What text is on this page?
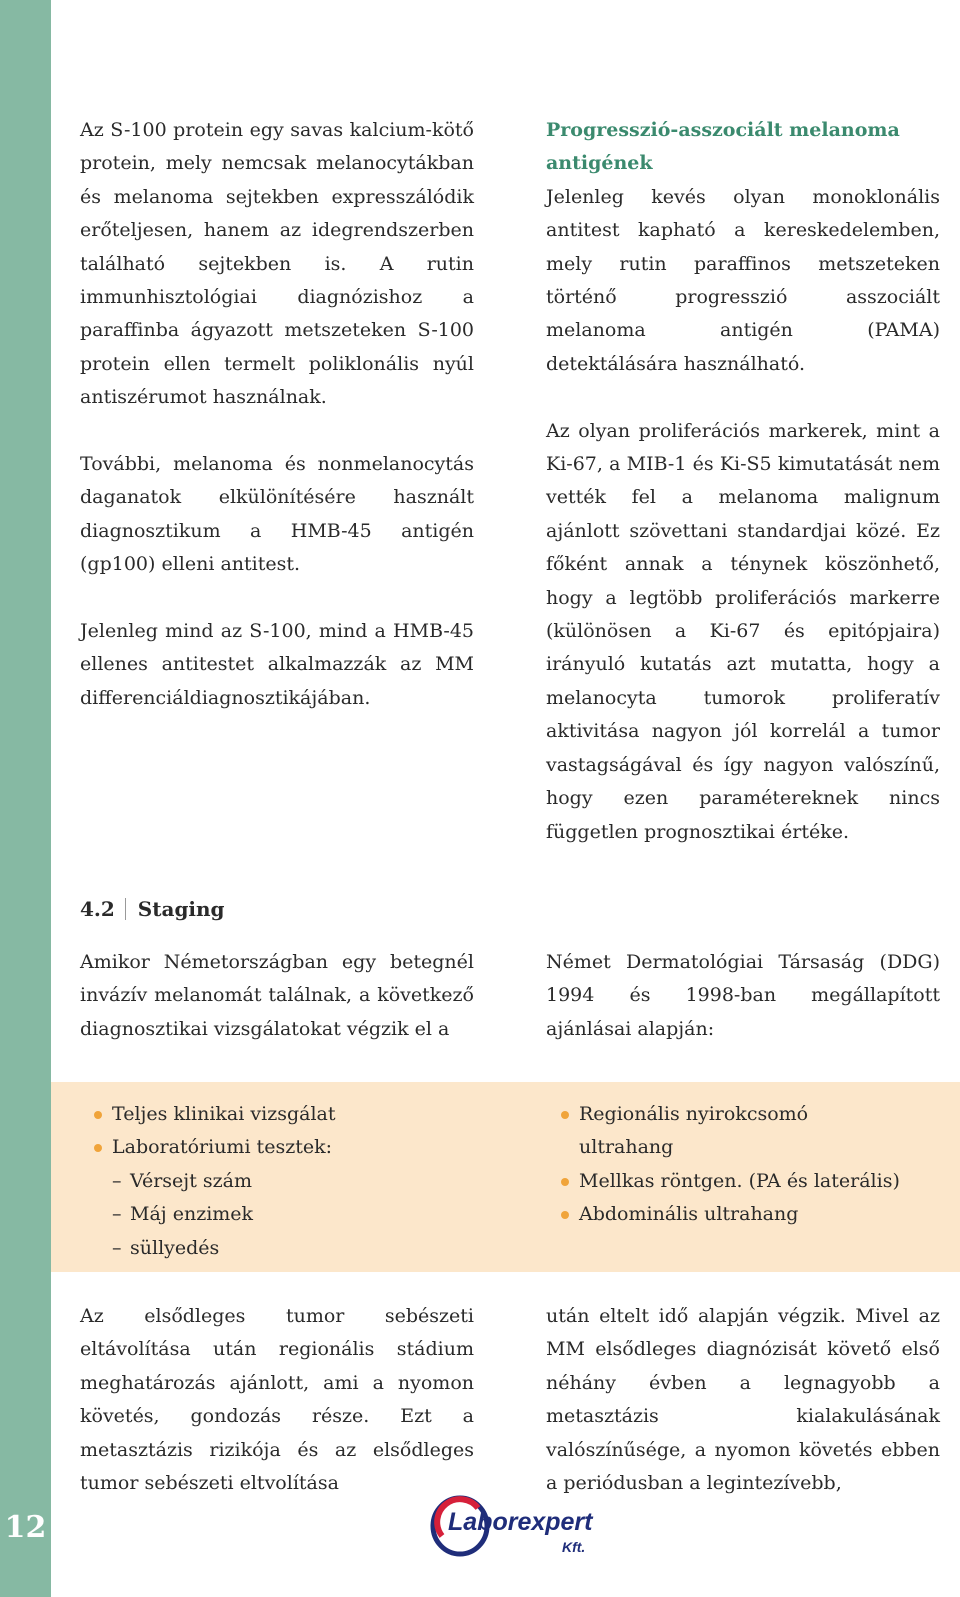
12

Az S-100 protein egy savas kalcium-kötő protein, mely nemcsak melanocytákban és melanoma sejtekben expresszálódik erőteljesen, hanem az idegrendszerben található sejtekben is. A rutin immunhisztológiai diagnózishoz a paraffinba ágyazott metszeteken S-100 protein ellen termelt poliklonális nyúl antiszérumot használnak.

További, melanoma és nonmelanocytás daganatok elkülönítésére használt diagnosztikum a HMB-45 antigén (gp100) elleni antitest.

Jelenleg mind az S-100, mind a HMB-45 ellenes antitestet alkalmazzák az MM differenciáldiagnosztikájában.

Progresszió-asszociált melanoma antigének

Jelenleg kevés olyan monoklonális antitest kapható a kereskedelemben, mely rutin paraffinos metszeteken történő progresszió asszociált melanoma antigén (PAMA) detektálására használható.

Az olyan proliferációs markerek, mint a Ki-67, a MIB-1 és Ki-S5 kimutatását nem vették fel a melanoma malignum ajánlott szövettani standardjai közé. Ez főként annak a ténynek köszönhető, hogy a legtöbb proliferációs markerre (különösen a Ki-67 és epitópjaira) irányuló kutatás azt mutatta, hogy a melanocyta tumorok proliferatív aktivitása nagyon jól korrelál a tumor vastagságával és így nagyon valószínű, hogy ezen paramétereknek nincs független prognosztikai értéke.

4.2 Staging

Amikor Németországban egy betegnél invázív melanomát találnak, a következő diagnosztikai vizsgálatokat végzik el a

Német Dermatológiai Társaság (DDG) 1994 és 1998-ban megállapított ajánlásai alapján:

Teljes klinikai vizsgálat
Laboratóriumi tesztek:
– Vérsejt szám
– Máj enzimek
– süllyedés
Regionális nyirokcsomó ultrahang
Mellkas röntgen. (PA és laterális)
Abdominális ultrahang

Az elsődleges tumor sebészeti eltávolítása után regionális stádium meghatározás ajánlott, ami a nyomon követés, gondozás része. Ezt a metasztázis rizikója és az elsődleges tumor sebészeti eltvolítása

után eltelt idő alapján végzik. Mivel az MM elsődleges diagnózisát követő első néhány évben a legnagyobb a metasztázis kialakulásának valószínűsége, a nyomon követés ebben a periódusban a legintezívebb,

Laborexpert
Kft.
